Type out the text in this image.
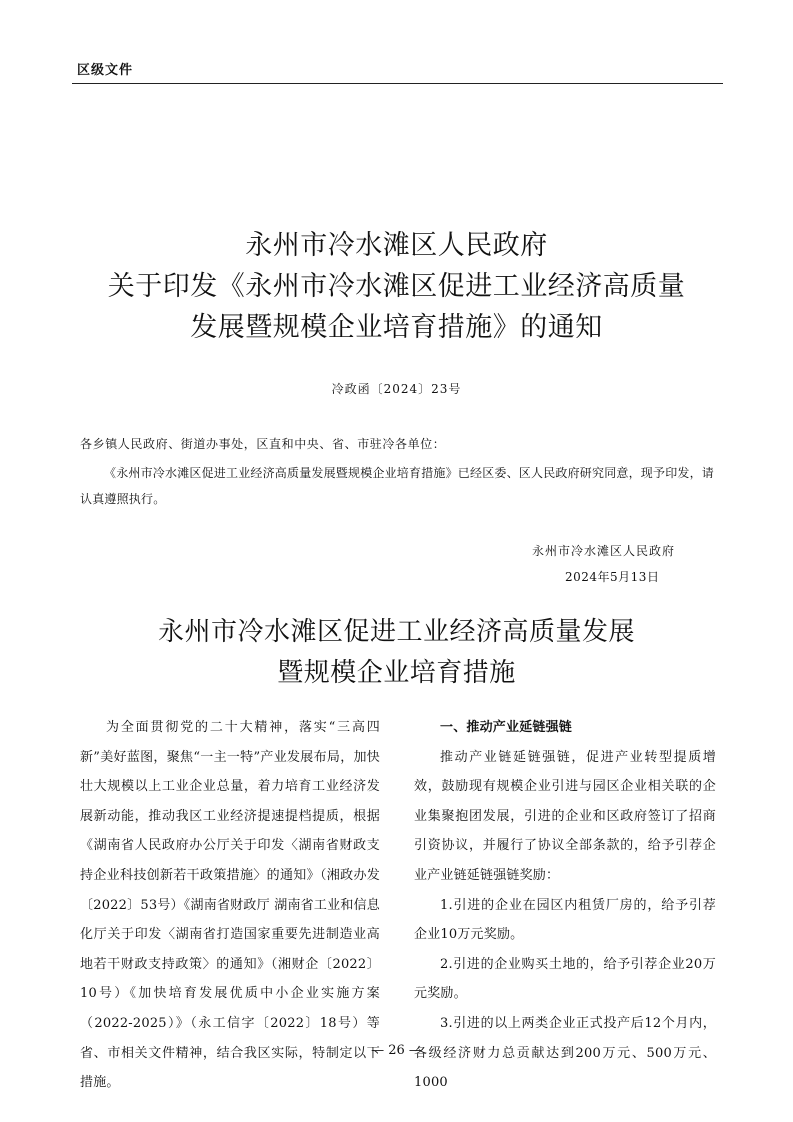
区级文件
永州市冷水滩区人民政府
关于印发《永州市冷水滩区促进工业经济高质量
发展暨规模企业培育措施》的通知
冷政函〔2024〕23号
各乡镇人民政府、街道办事处，区直和中央、省、市驻冷各单位：
《永州市冷水滩区促进工业经济高质量发展暨规模企业培育措施》已经区委、区人民政府研究同意，现予印发，请认真遵照执行。
永州市冷水滩区人民政府
2024年5月13日
永州市冷水滩区促进工业经济高质量发展
暨规模企业培育措施

为全面贯彻党的二十大精神，落实“三高四新”美好蓝图，聚焦“一主一特”产业发展布局，加快壮大规模以上工业企业总量，着力培育工业经济发展新动能，推动我区工业经济提速提档提质，根据《湖南省人民政府办公厅关于印发〈湖南省财政支持企业科技创新若干政策措施〉的通知》（湘政办发〔2022〕53号）《湖南省财政厅 湖南省工业和信息化厅关于印发〈湖南省打造国家重要先进制造业高地若干财政支持政策〉的通知》（湘财企〔2022〕10号）《加快培育发展优质中小企业实施方案（2022-2025）》（永工信字〔2022〕18号）等省、市相关文件精神，结合我区实际，特制定以下措施。

一、推动产业延链强链

推动产业链延链强链，促进产业转型提质增效，鼓励现有规模企业引进与园区企业相关联的企业集聚抱团发展，引进的企业和区政府签订了招商引资协议，并履行了协议全部条款的，给予引荐企业产业链延链强链奖励：

1.引进的企业在园区内租赁厂房的，给予引荐企业10万元奖励。

2.引进的企业购买土地的，给予引荐企业20万元奖励。

3.引进的以上两类企业正式投产后12个月内，各级经济财力总贡献达到200万元、500万元、1000

— 26 —
